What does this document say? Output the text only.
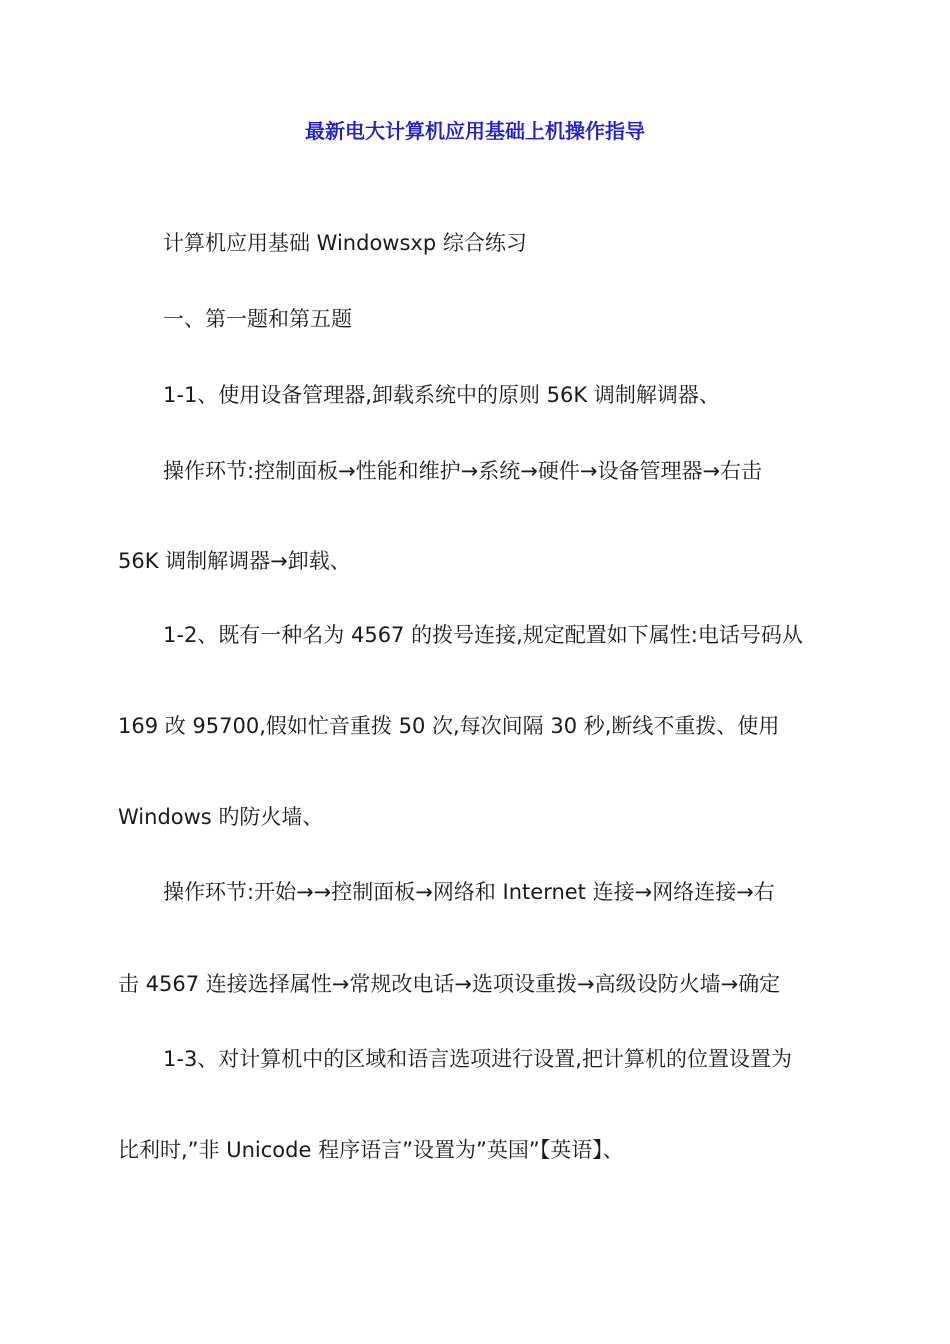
最新电大计算机应用基础上机操作指导
计算机应用基础 Windowsxp 综合练习
一、第一题和第五题
1-1、使用设备管理器,卸载系统中的原则 56K 调制解调器、
操作环节:控制面板→性能和维护→系统→硬件→设备管理器→右击
56K 调制解调器→卸载、
1-2、既有一种名为 4567 的拨号连接,规定配置如下属性:电话号码从
169 改 95700,假如忙音重拨 50 次,每次间隔 30 秒,断线不重拨、使用
Windows 旳防火墙、
操作环节:开始→→控制面板→网络和 Internet 连接→网络连接→右
击 4567 连接选择属性→常规改电话→选项设重拨→高级设防火墙→确定
1-3、对计算机中的区域和语言选项进行设置,把计算机的位置设置为
比利时,”非 Unicode 程序语言”设置为”英国”【英语】、
